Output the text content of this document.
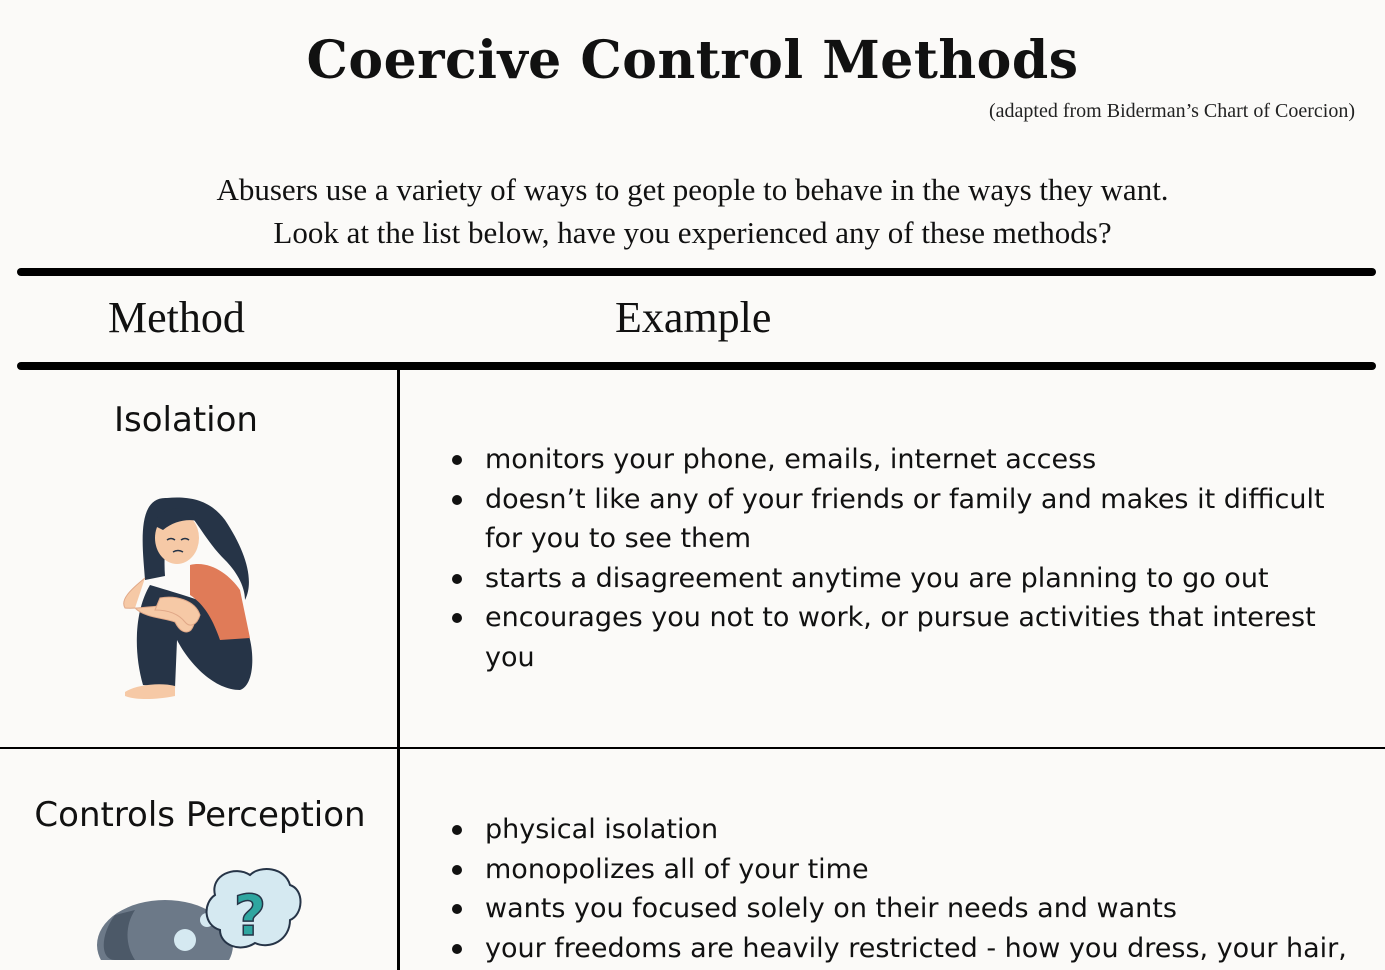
Coercive Control Methods
(adapted from Biderman’s Chart of Coercion)
Abusers use a variety of ways to get people to behave in the ways they want.
Look at the list below, have you experienced any of these methods?
Method	Example
Isolation
monitors your phone, emails, internet access
doesn’t like any of your friends or family and makes it difficult for you to see them
starts a disagreement anytime you are planning to go out
encourages you not to work, or pursue activities that interest you
Controls Perception
?
physical isolation
monopolizes all of your time
wants you focused solely on their needs and wants
your freedoms are heavily restricted - how you dress, your hair,
